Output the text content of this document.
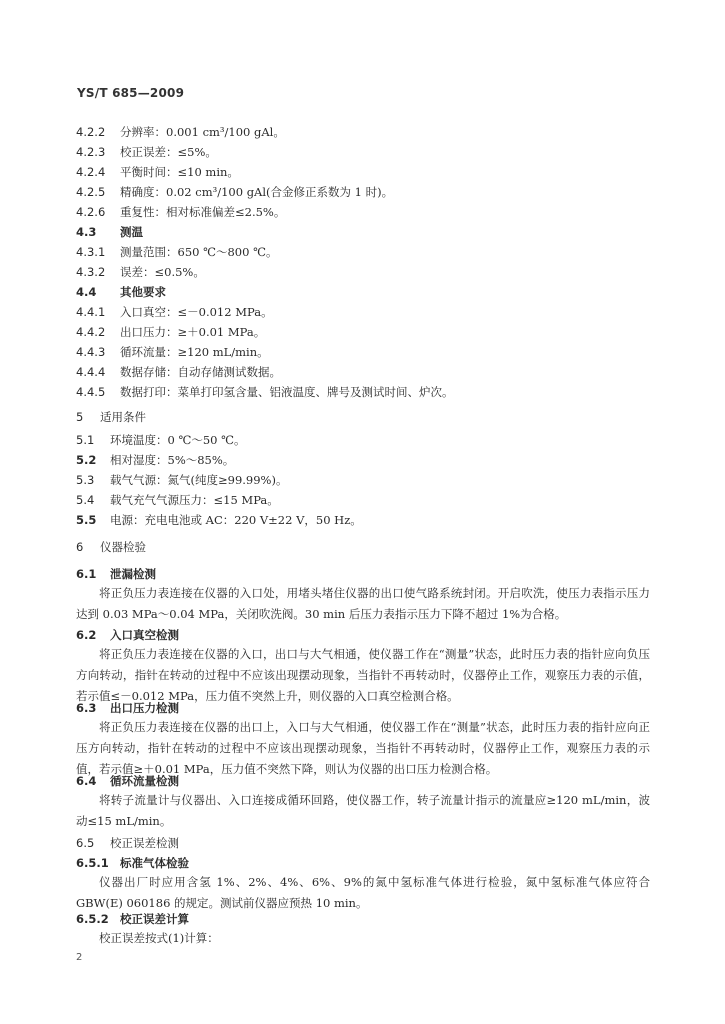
YS/T 685—2009
4.2.2 分辨率：0.001 cm³/100 gAl。
4.2.3 校正误差：≤5%。
4.2.4 平衡时间：≤10 min。
4.2.5 精确度：0.02 cm³/100 gAl(合金修正系数为 1 时)。
4.2.6 重复性：相对标准偏差≤2.5%。
4.3 测温
4.3.1 测量范围：650 ℃～800 ℃。
4.3.2 误差：≤0.5%。
4.4 其他要求
4.4.1 入口真空：≤－0.012 MPa。
4.4.2 出口压力：≥＋0.01 MPa。
4.4.3 循环流量：≥120 mL/min。
4.4.4 数据存储：自动存储测试数据。
4.4.5 数据打印：菜单打印氢含量、铝液温度、牌号及测试时间、炉次。
5 适用条件
5.1 环境温度：0 ℃～50 ℃。
5.2 相对湿度：5%～85%。
5.3 载气气源：氮气(纯度≥99.99%)。
5.4 载气充气气源压力：≤15 MPa。
5.5 电源：充电电池或 AC：220 V±22 V，50 Hz。
6 仪器检验
6.1 泄漏检测
将正负压力表连接在仪器的入口处，用堵头堵住仪器的出口使气路系统封闭。开启吹洗，使压力表指示压力达到 0.03 MPa～0.04 MPa，关闭吹洗阀。30 min 后压力表指示压力下降不超过 1%为合格。
6.2 入口真空检测
将正负压力表连接在仪器的入口，出口与大气相通，使仪器工作在“测量”状态，此时压力表的指针应向负压方向转动，指针在转动的过程中不应该出现摆动现象，当指针不再转动时，仪器停止工作，观察压力表的示值，若示值≤－0.012 MPa，压力值不突然上升，则仪器的入口真空检测合格。
6.3 出口压力检测
将正负压力表连接在仪器的出口上，入口与大气相通，使仪器工作在“测量”状态，此时压力表的指针应向正压方向转动，指针在转动的过程中不应该出现摆动现象，当指针不再转动时，仪器停止工作，观察压力表的示值，若示值≥＋0.01 MPa，压力值不突然下降，则认为仪器的出口压力检测合格。
6.4 循环流量检测
将转子流量计与仪器出、入口连接成循环回路，使仪器工作，转子流量计指示的流量应≥120 mL/min，波动≤15 mL/min。
6.5 校正误差检测
6.5.1 标准气体检验
仪器出厂时应用含氢 1%、2%、4%、6%、9%的氮中氢标准气体进行检验，氮中氢标准气体应符合GBW(E) 060186 的规定。测试前仪器应预热 10 min。
6.5.2 校正误差计算
校正误差按式(1)计算：
2
